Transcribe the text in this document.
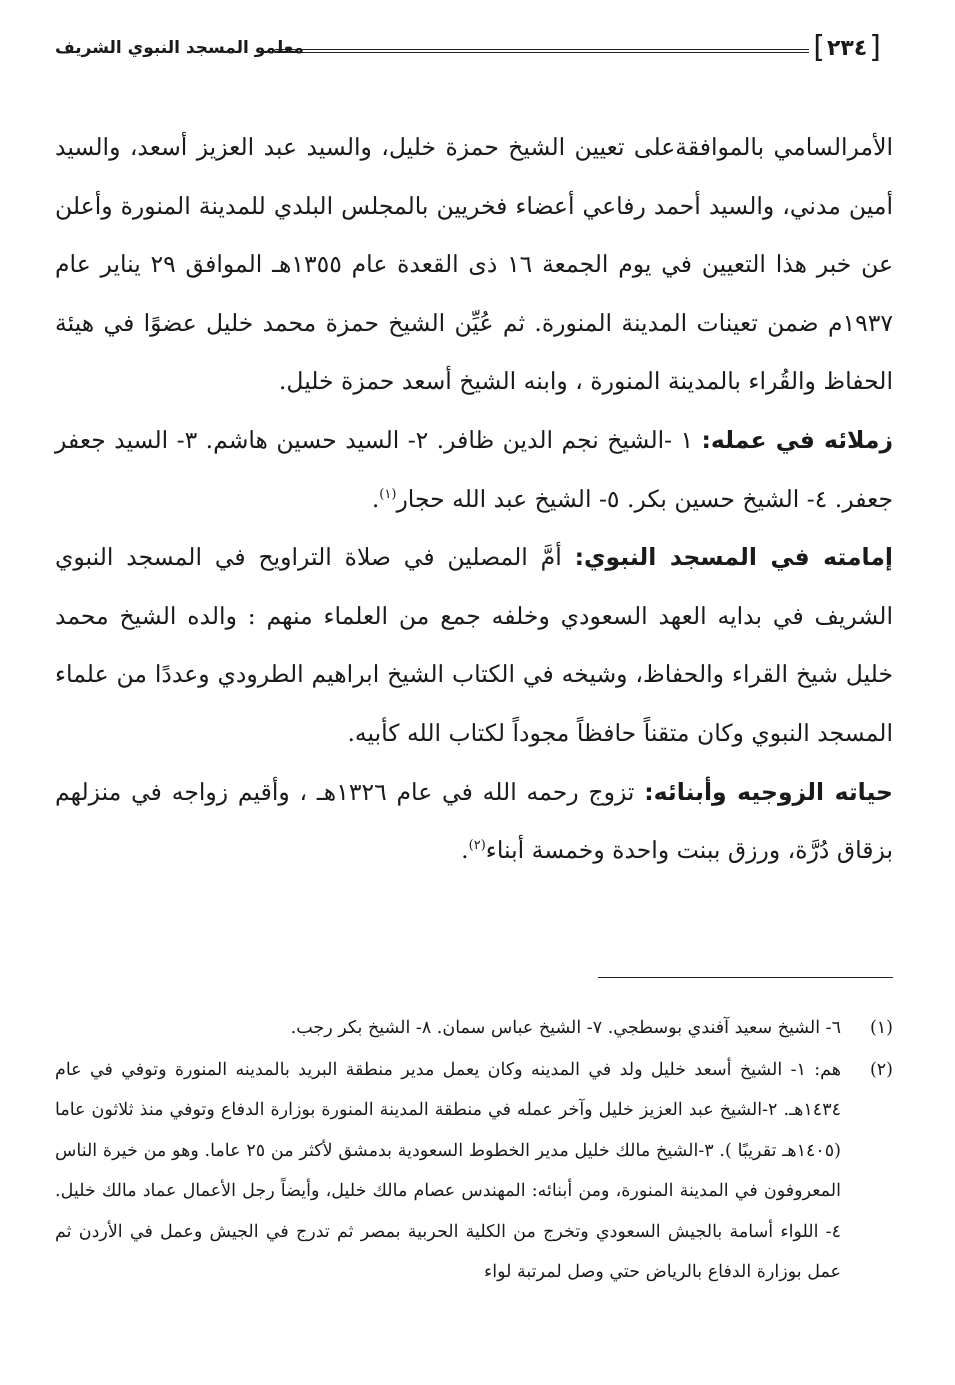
[
٢٣٤
]
معلمو المسجد النبوي الشريف

الأمرالسامي بالموافقةعلى تعيين الشيخ حمزة خليل، والسيد عبد العزيز أسعد، والسيد أمين مدني، والسيد أحمد رفاعي أعضاء فخريين بالمجلس البلدي للمدينة المنورة وأعلن عن خبر هذا التعيين في يوم الجمعة ١٦ ذى القعدة عام ١٣٥٥هـ الموافق ٢٩ يناير عام ١٩٣٧م ضمن تعينات المدينة المنورة. ثم عُيِّن الشيخ حمزة محمد خليل عضوًا في هيئة الحفاظ والقُراء بالمدينة المنورة ، وابنه الشيخ أسعد حمزة خليل.

زملائه في عمله: ١ -الشيخ نجم الدين ظافر. ٢- السيد حسين هاشم. ٣- السيد جعفر جعفر. ٤- الشيخ حسين بكر. ٥- الشيخ عبد الله حجار$^{(١)}$.

إمامته في المسجد النبوي: أمَّ المصلين في صلاة التراويح في المسجد النبوي الشريف في بدايه العهد السعودي وخلفه جمع من العلماء منهم : والده الشيخ محمد خليل شيخ القراء والحفاظ، وشيخه في الكتاب الشيخ ابراهيم الطرودي وعددًا من علماء المسجد النبوي وكان متقناً حافظاً مجوداً لكتاب الله كأبيه.

حياته الزوجيه وأبنائه: تزوج رحمه الله في عام ١٣٢٦هـ ، وأقيم زواجه في منزلهم بزقاق دُرَّة، ورزق ببنت واحدة وخمسة أبناء$^{(٢)}$.

(١)٦- الشيخ سعيد آفندي بوسطجي. ٧- الشيخ عباس سمان. ٨- الشيخ بكر رجب.

(٢)هم: ١- الشيخ أسعد خليل ولد في المدينه وكان يعمل مدير منطقة البريد بالمدينه المنورة وتوفي في عام ١٤٣٤هـ. ٢-الشيخ عبد العزيز خليل وآخر عمله في منطقة المدينة المنورة بوزارة الدفاع وتوفي منذ ثلاثون عاما (١٤٠٥هـ تقريبًا ). ٣-الشيخ مالك خليل مدير الخطوط السعودية بدمشق لأكثر من ٢٥ عاما. وهو من خيرة الناس المعروفون في المدينة المنورة، ومن أبنائه: المهندس عصام مالك خليل، وأيضاً رجل الأعمال عماد مالك خليل. ٤- اللواء أسامة بالجيش السعودي وتخرج من الكلية الحربية بمصر ثم تدرج في الجيش وعمل في الأردن ثم عمل بوزارة الدفاع بالرياض حتي وصل لمرتبة لواء
